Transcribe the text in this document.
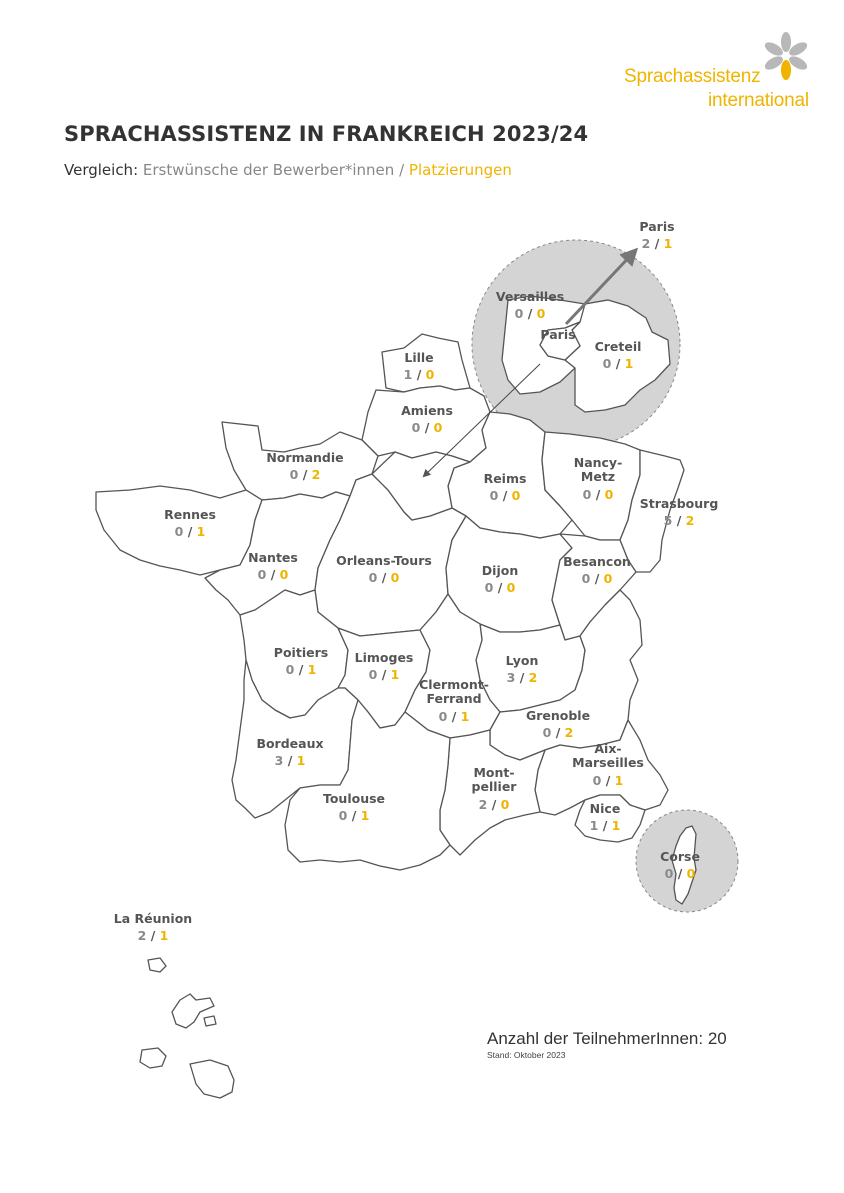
Sprachassistenz
international
SPRACHASSISTENZ IN FRANKREICH 2023/24
Vergleich: Erstwünsche der Bewerber*innen / Platzierungen
Paris
2 / 1
Versailles
0 / 0
Paris
Creteil
0 / 1
Lille
1 / 0
Amiens
0 / 0
Normandie
0 / 2	Reims
0 / 0
Nancy-
Metz
0 / 0
Strasbourg
5 / 2
Rennes
0 / 1
Nantes
0 / 0
Orleans-Tours
0 / 0	Dijon
0 / 0
Besancon
0 / 0
Poitiers
0 / 1
Limoges
0 / 1
Lyon
3 / 2
Clermont-
Ferrand
0 / 1	Grenoble
0 / 2
Bordeaux
3 / 1
Aix-
Marseilles
0 / 1
Mont-
pellier
2 / 0
Toulouse
0 / 1	Nice
1 / 1
Corse
0 / 0
La Réunion
2 / 1
Anzahl der TeilnehmerInnen: 20
Stand: Oktober 2023
